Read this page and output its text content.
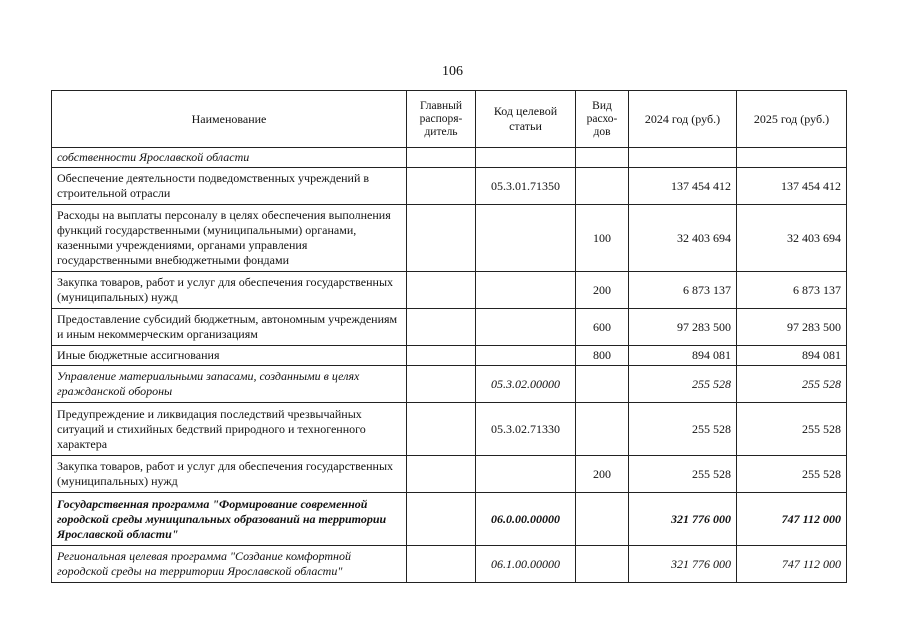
106
Наименование	Главный распоря-дитель	Код целевой статьи	Вид расхо-дов	2024 год (руб.)	2025 год (руб.)
собственности Ярославской области					
Обеспечение деятельности подведомственных учреждений в строительной отрасли		05.3.01.71350		137 454 412	137 454 412
Расходы на выплаты персоналу в целях обеспечения выполнения функций государственными (муниципальными) органами, казенными учреждениями, органами управления государственными внебюджетными фондами			100	32 403 694	32 403 694
Закупка товаров, работ и услуг для обеспечения государственных (муниципальных) нужд			200	6 873 137	6 873 137
Предоставление субсидий бюджетным, автономным учреждениям и иным некоммерческим организациям			600	97 283 500	97 283 500
Иные бюджетные ассигнования			800	894 081	894 081
Управление материальными запасами, созданными в целях гражданской обороны		05.3.02.00000		255 528	255 528
Предупреждение и ликвидация последствий чрезвычайных ситуаций и стихийных бедствий природного и техногенного характера		05.3.02.71330		255 528	255 528
Закупка товаров, работ и услуг для обеспечения государственных (муниципальных) нужд			200	255 528	255 528
Государственная программа "Формирование современной городской среды муниципальных образований на территории Ярославской области"		06.0.00.00000		321 776 000	747 112 000
Региональная целевая программа "Создание комфортной городской среды на территории Ярославской области"		06.1.00.00000		321 776 000	747 112 000
